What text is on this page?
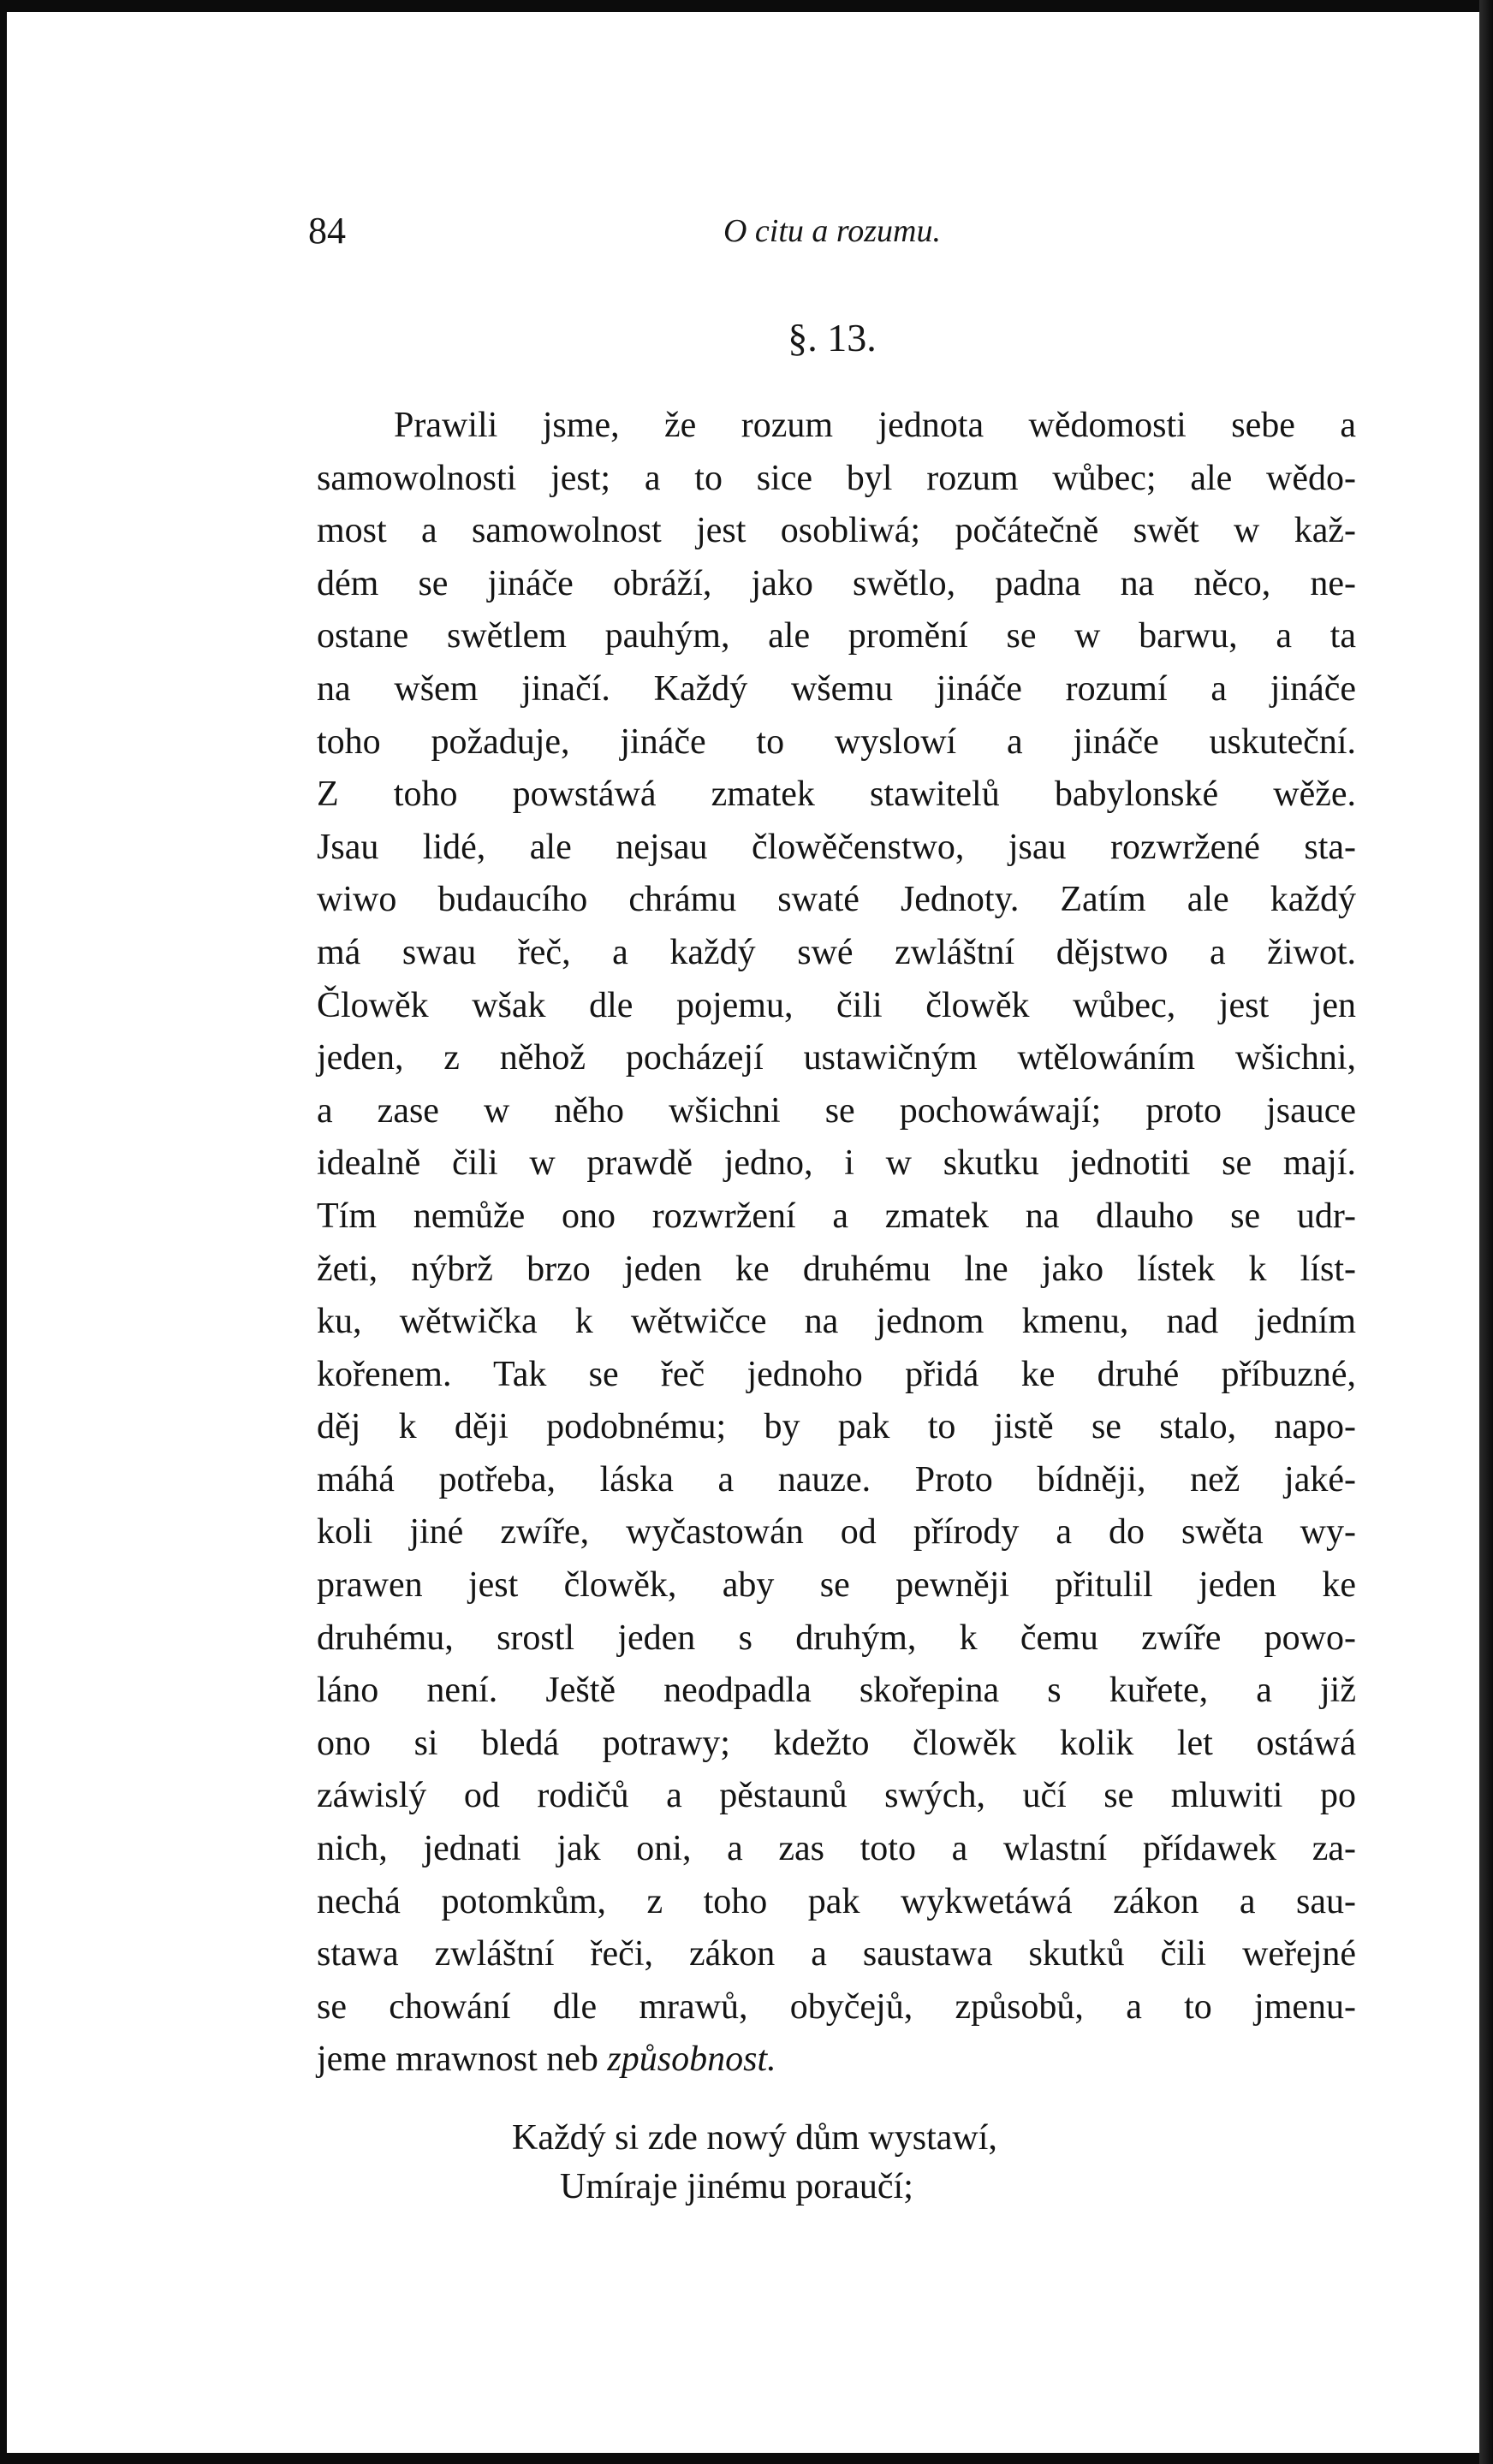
84	O citu a rozumu.
§. 13.
Prawili jsme, že rozum jednota wědomosti sebe a
samowolnosti jest; a to sice byl rozum wůbec; ale wědo-
most a samowolnost jest osobliwá; počátečně swět w kaž-
dém se jináče obráží, jako swětlo, padna na něco, ne-
ostane swětlem pauhým, ale promění se w barwu, a ta
na wšem jinačí. Každý wšemu jináče rozumí a jináče
toho požaduje, jináče to wyslowí a jináče uskuteční.
Z toho powstáwá zmatek stawitelů babylonské wěže.
Jsau lidé, ale nejsau člowěčenstwo, jsau rozwržené sta-
wiwo budaucího chrámu swaté Jednoty. Zatím ale každý
má swau řeč, a každý swé zwláštní dějstwo a žiwot.
Člowěk wšak dle pojemu, čili člowěk wůbec, jest jen
jeden, z něhož pocházejí ustawičným wtělowáním wšichni,
a zase w něho wšichni se pochowáwají; proto jsauce
idealně čili w prawdě jedno, i w skutku jednotiti se mají.
Tím nemůže ono rozwržení a zmatek na dlauho se udr-
žeti, nýbrž brzo jeden ke druhému lne jako lístek k líst-
ku, wětwička k wětwičce na jednom kmenu, nad jedním
kořenem. Tak se řeč jednoho přidá ke druhé příbuzné,
děj k ději podobnému; by pak to jistě se stalo, napo-
máhá potřeba, láska a nauze. Proto bídněji, než jaké-
koli jiné zwíře, wyčastowán od přírody a do swěta wy-
prawen jest člowěk, aby se pewněji přitulil jeden ke
druhému, srostl jeden s druhým, k čemu zwíře powo-
láno není. Ještě neodpadla skořepina s kuřete, a již
ono si bledá potrawy; kdežto člowěk kolik let ostáwá
záwislý od rodičů a pěstaunů swých, učí se mluwiti po
nich, jednati jak oni, a zas toto a wlastní přídawek za-
nechá potomkům, z toho pak wykwetáwá zákon a sau-
stawa zwláštní řeči, zákon a saustawa skutků čili weřejné
se chowání dle mrawů, obyčejů, způsobů, a to jmenu-
jeme mrawnost neb způsobnost.
Každý si zde nowý dům wystawí,
Umíraje jinému poraučí;
